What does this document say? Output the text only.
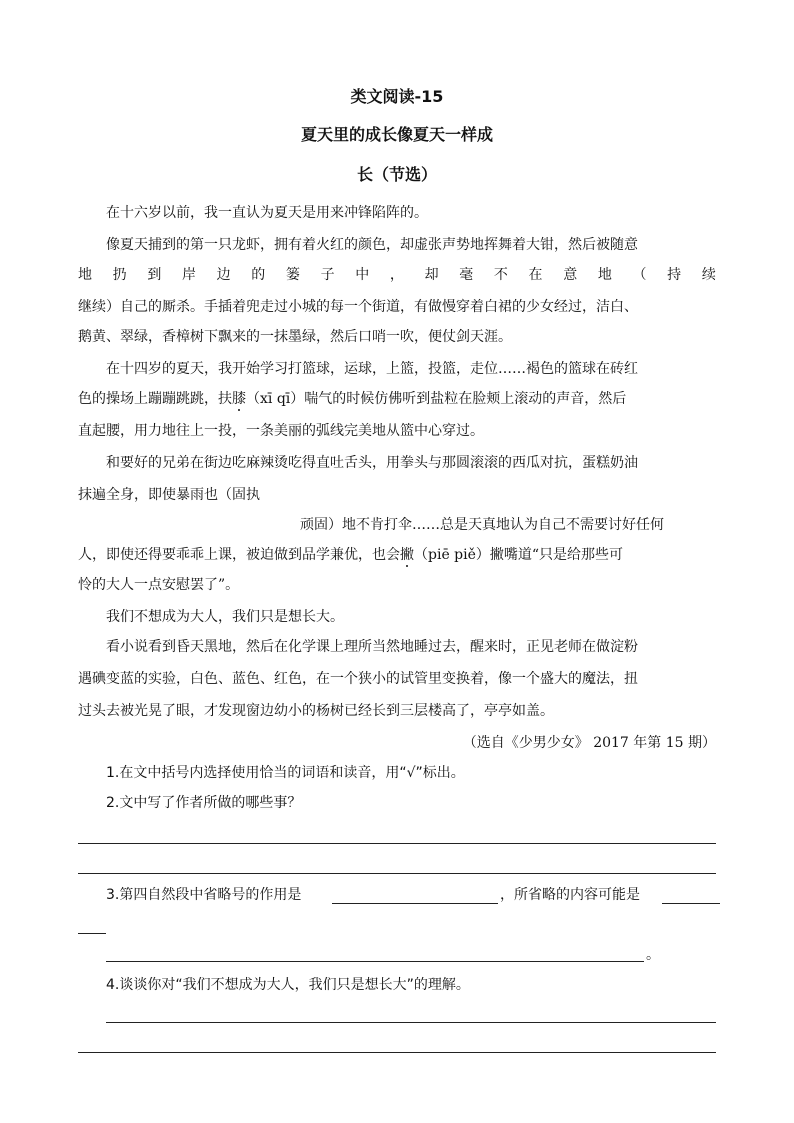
类文阅读-15
夏天里的成长像夏天一样成
长（节选）
在十六岁以前，我一直认为夏天是用来冲锋陷阵的。
像夏天捕到的第一只龙虾，拥有着火红的颜色，却虚张声势地挥舞着大钳，然后被随意
地 扔 到 岸 边 的 篓 子 中 ， 却 毫 不 在 意 地 （ 持 续
继续）自己的厮杀。手插着兜走过小城的每一个街道，有做慢穿着白裙的少女经过，洁白、
鹅黄、翠绿，香樟树下飘来的一抹墨绿，然后口哨一吹，便仗剑天涯。
在十四岁的夏天，我开始学习打篮球，运球，上篮，投篮，走位……褐色的篮球在砖红
色的操场上蹦蹦跳跳，扶膝（xī qī）喘气的时候仿佛听到盐粒在脸颊上滚动的声音，然后
直起腰，用力地往上一投，一条美丽的弧线完美地从篮中心穿过。
和要好的兄弟在街边吃麻辣烫吃得直吐舌头，用拳头与那圆滚滚的西瓜对抗，蛋糕奶油
抹遍全身，即使暴雨也（固执
顽固）地不肯打伞……总是天真地认为自己不需要讨好任何
人，即使还得要乖乖上课，被迫做到品学兼优，也会撇（piē piě）撇嘴道“只是给那些可
怜的大人一点安慰罢了”。
我们不想成为大人，我们只是想长大。
看小说看到昏天黑地，然后在化学课上理所当然地睡过去，醒来时，正见老师在做淀粉
遇碘变蓝的实验，白色、蓝色、红色，在一个狭小的试管里变换着，像一个盛大的魔法，扭
过头去被光晃了眼，才发现窗边幼小的杨树已经长到三层楼高了，亭亭如盖。
（选自《少男少女》 2017 年第 15 期）
1.在文中括号内选择使用恰当的词语和读音，用“√”标出。
2.文中写了作者所做的哪些事？
3.第四自然段中省略号的作用是	，所省略的内容可能是
。
4.谈谈你对“我们不想成为大人，我们只是想长大”的理解。
